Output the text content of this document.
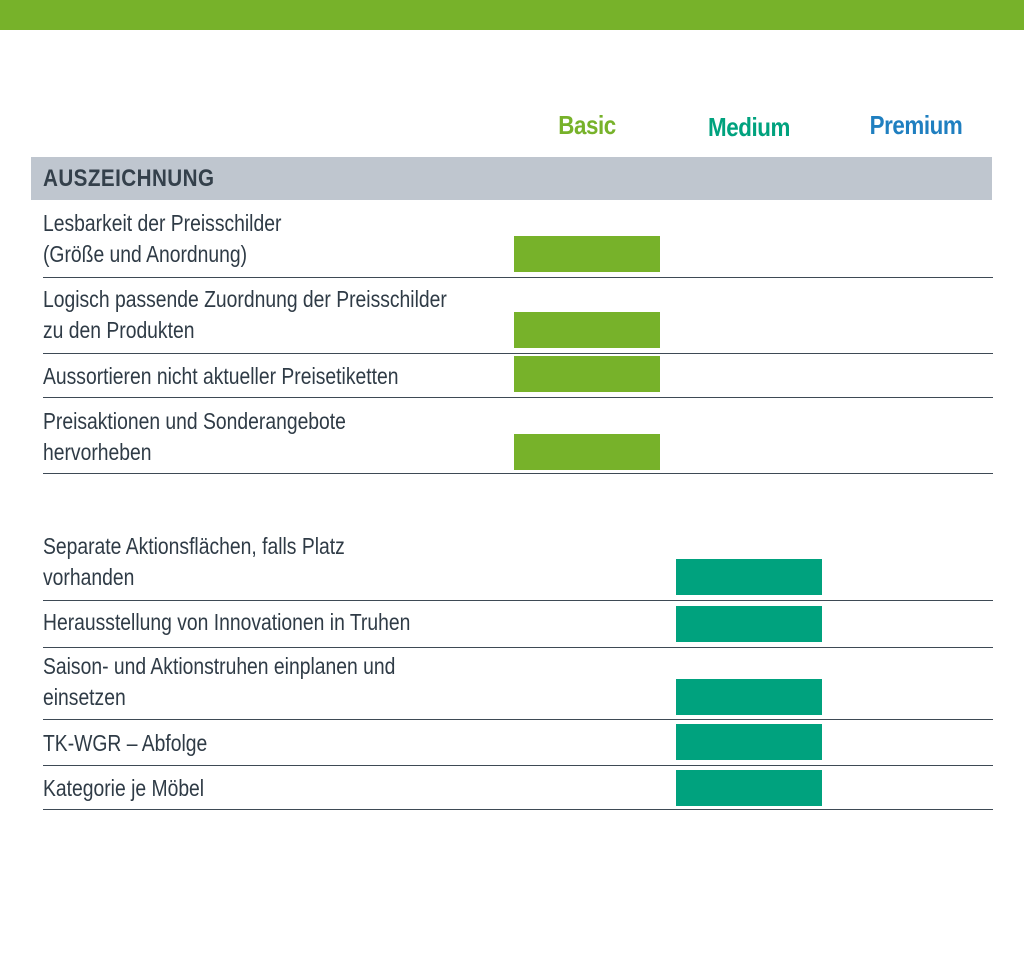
Basic	Medium	Premium
AUSZEICHNUNG
Lesbarkeit der Preisschilder
(Größe und Anordnung)
Logisch passende Zuordnung der Preisschilder
zu den Produkten
Aussortieren nicht aktueller Preisetiketten
Preisaktionen und Sonderangebote
hervorheben
Separate Aktionsflächen, falls Platz
vorhanden
Herausstellung von Innovationen in Truhen
Saison- und Aktionstruhen einplanen und
einsetzen
TK-WGR – Abfolge
Kategorie je Möbel
